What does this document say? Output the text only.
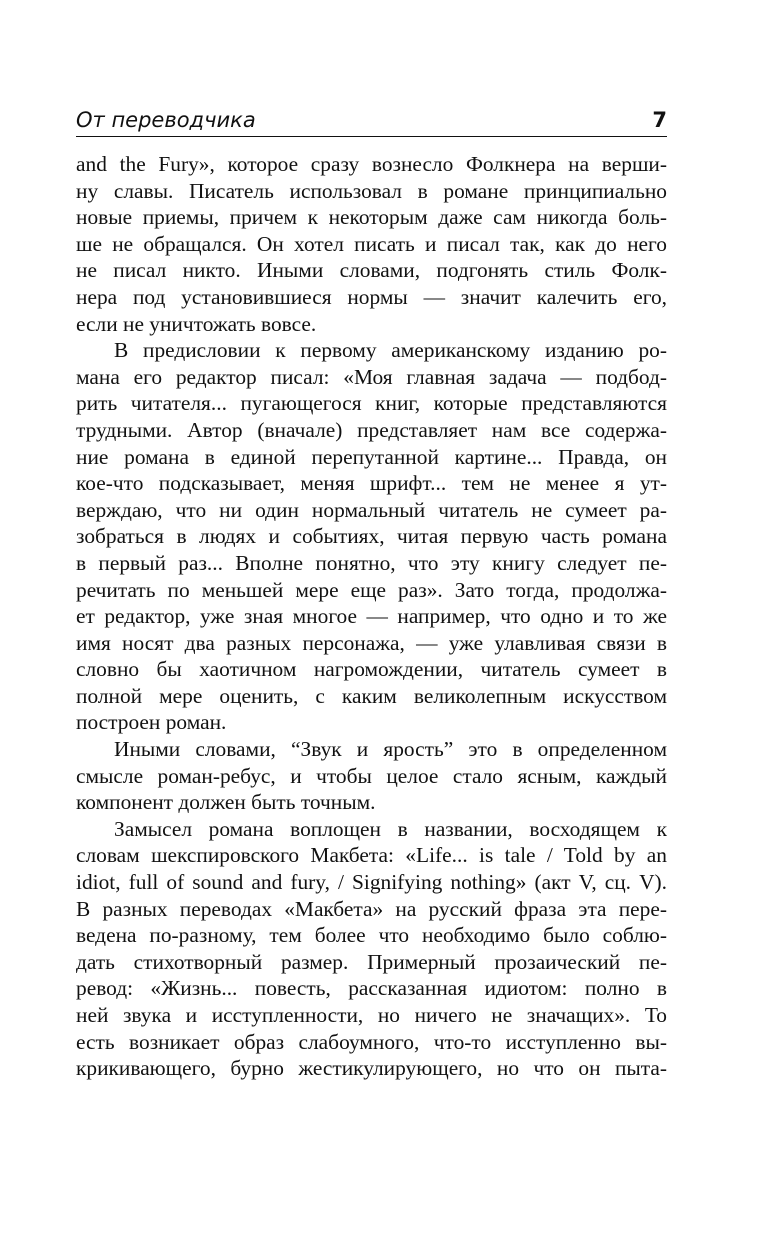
От переводчика	7
and the Fury», которое сразу вознесло Фолкнера на верши-
ну славы. Писатель использовал в романе принципиально
новые приемы, причем к некоторым даже сам никогда боль-
ше не обращался. Он хотел писать и писал так, как до него
не писал никто. Иными словами, подгонять стиль Фолк-
нера под установившиеся нормы — значит калечить его,
если не уничтожать вовсе.
В предисловии к первому американскому изданию ро-
мана его редактор писал: «Моя главная задача — подбод-
рить читателя... пугающегося книг, которые представляются
трудными. Автор (вначале) представляет нам все содержа-
ние романа в единой перепутанной картине... Правда, он
кое-что подсказывает, меняя шрифт... тем не менее я ут-
верждаю, что ни один нормальный читатель не сумеет ра-
зобраться в людях и событиях, читая первую часть романа
в первый раз... Вполне понятно, что эту книгу следует пе-
речитать по меньшей мере еще раз». Зато тогда, продолжа-
ет редактор, уже зная многое — например, что одно и то же
имя носят два разных персонажа, — уже улавливая связи в
словно бы хаотичном нагромождении, читатель сумеет в
полной мере оценить, с каким великолепным искусством
построен роман.
Иными словами, “Звук и ярость” это в определенном
смысле роман-ребус, и чтобы целое стало ясным, каждый
компонент должен быть точным.
Замысел романа воплощен в названии, восходящем к
словам шекспировского Макбета: «Life... is tale / Told by an
idiot, full of sound and fury, / Signifying nothing» (акт V, сц. V).
В разных переводах «Макбета» на русский фраза эта пере-
ведена по-разному, тем более что необходимо было соблю-
дать стихотворный размер. Примерный прозаический пе-
ревод: «Жизнь... повесть, рассказанная идиотом: полно в
ней звука и исступленности, но ничего не значащих». То
есть возникает образ слабоумного, что-то исступленно вы-
крикивающего, бурно жестикулирующего, но что он пыта-
